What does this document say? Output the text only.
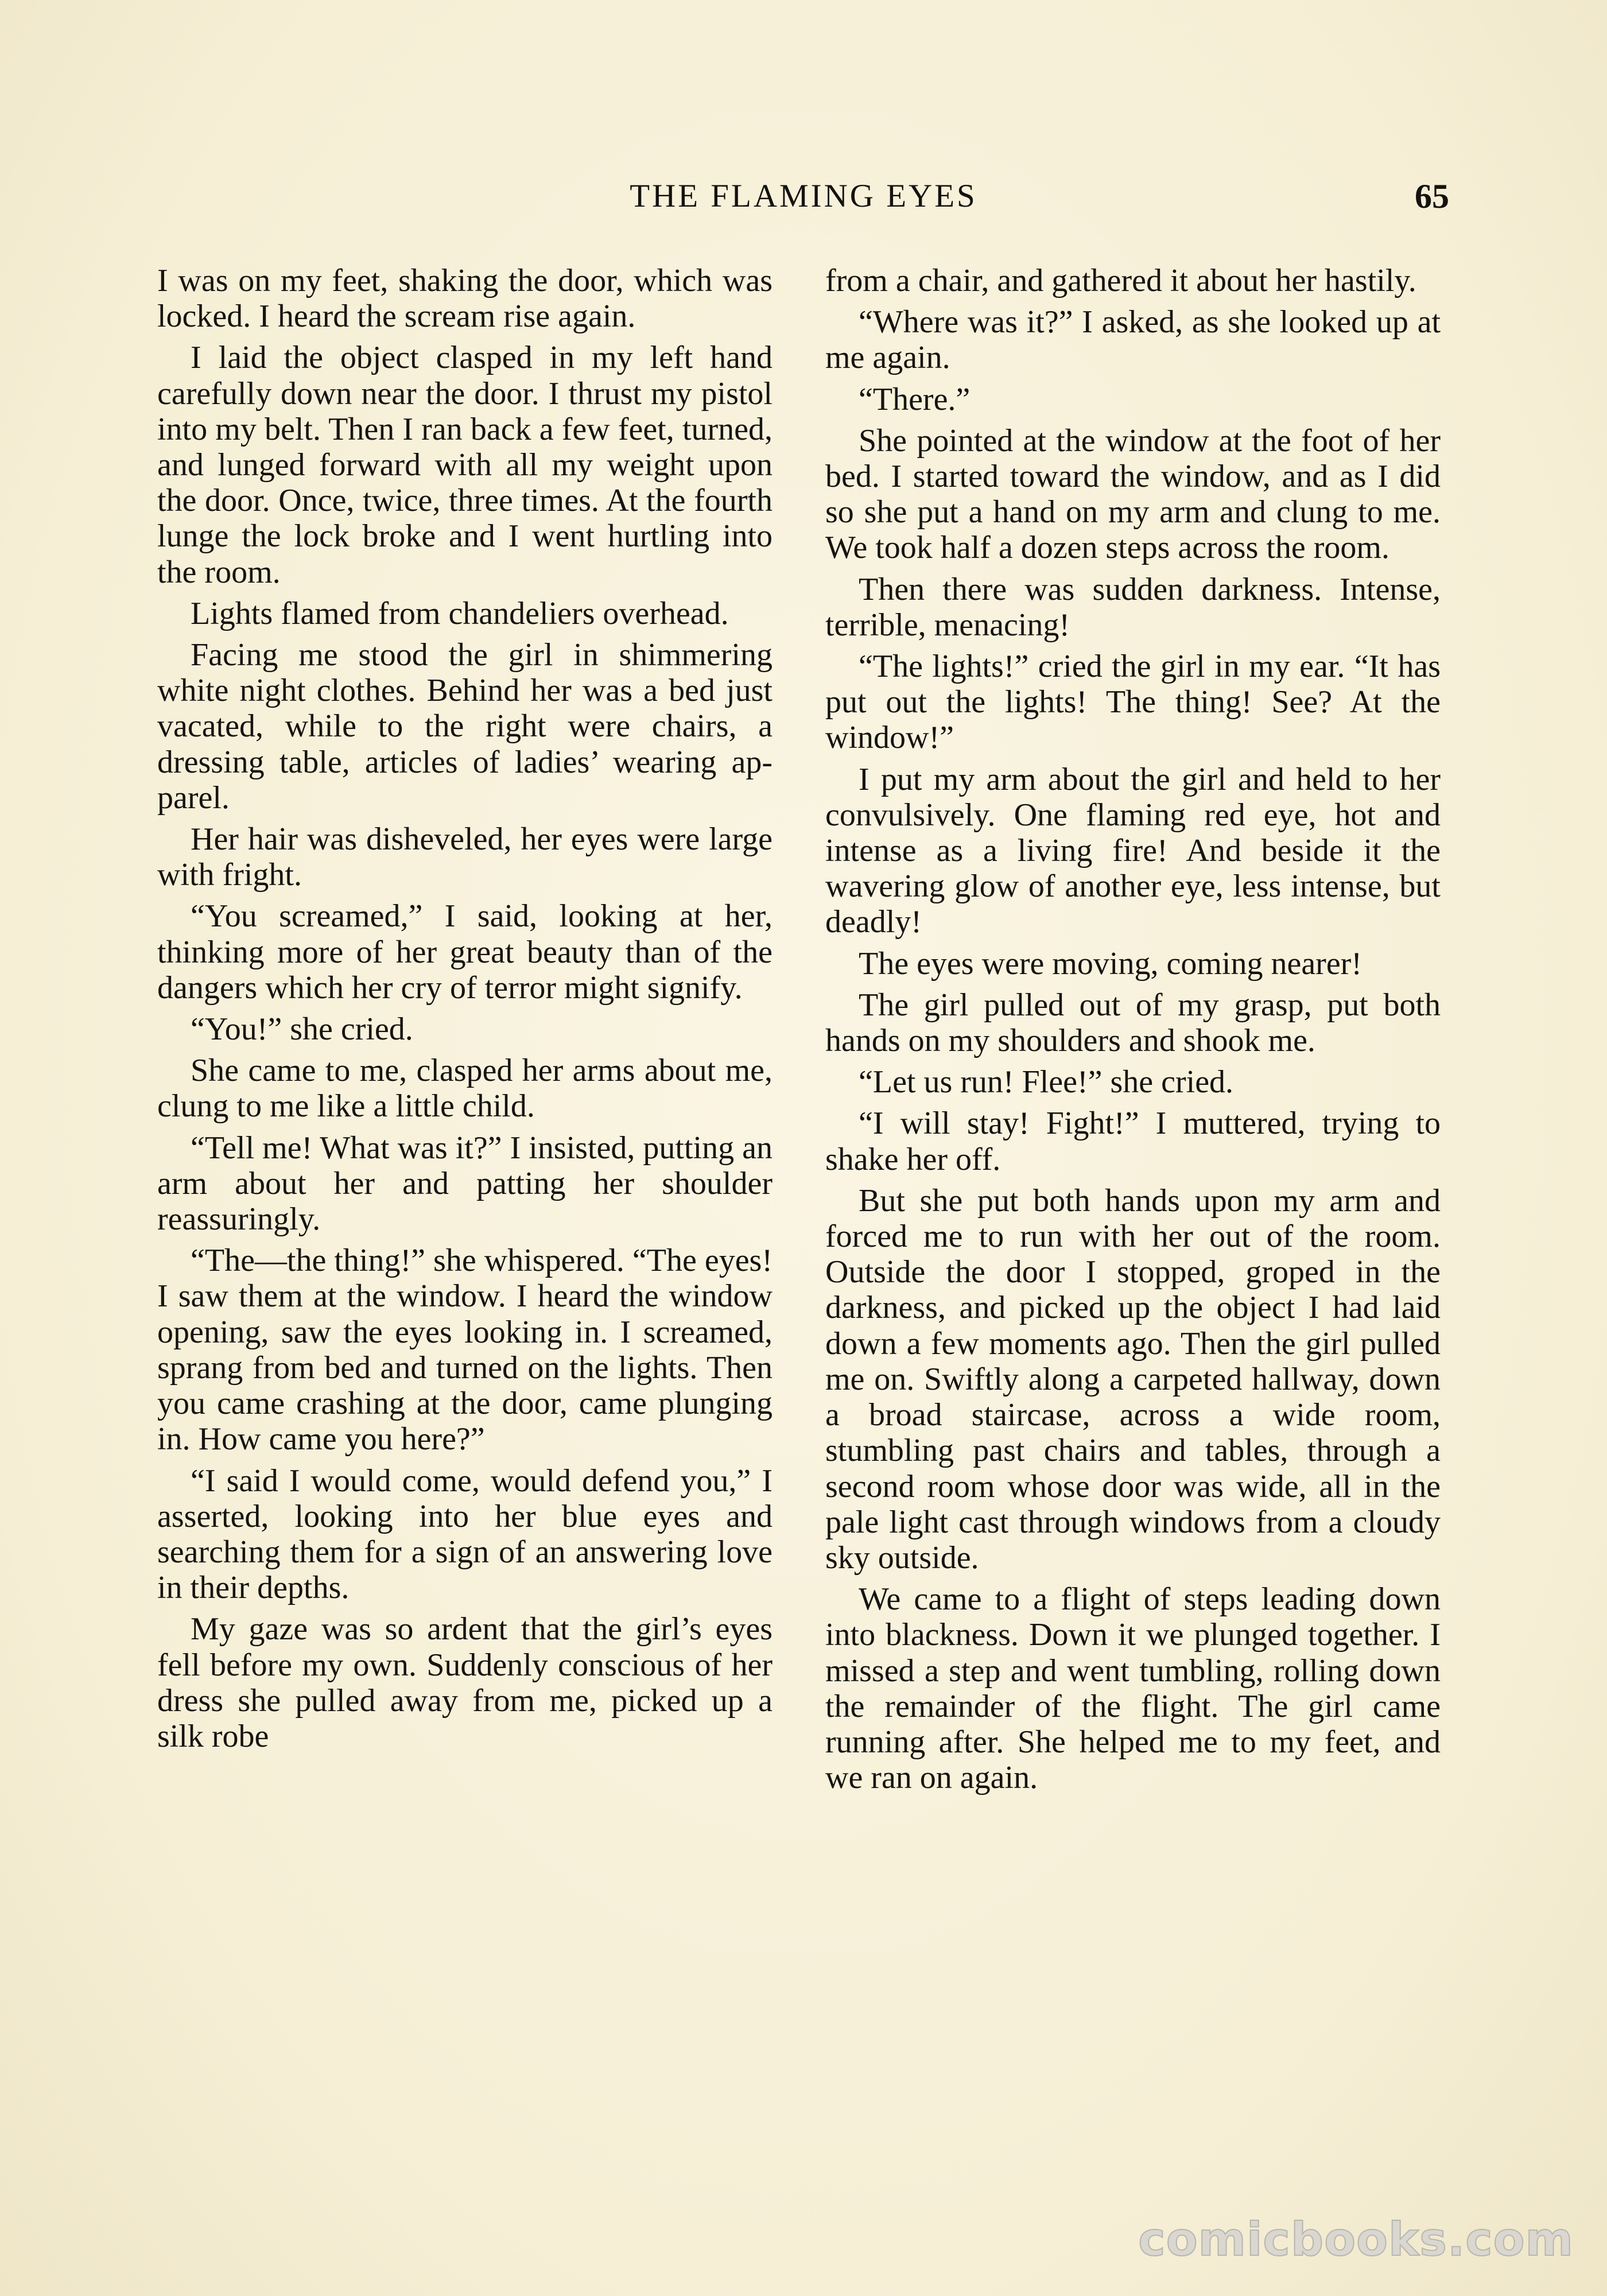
THE FLAMING EYES	65

I was on my feet, shaking the door, which was locked. I heard the scream rise again.

I laid the object clasped in my left hand carefully down near the door. I thrust my pistol into my belt. Then I ran back a few feet, turned, and lunged forward with all my weight upon the door. Once, twice, three times. At the fourth lunge the lock broke and I went hurtling into the room.

Lights flamed from chandeliers overhead.

Facing me stood the girl in shimmering white night clothes. Behind her was a bed just vacated, while to the right were chairs, a dressing table, articles of ladies’ wearing apparel.

Her hair was disheveled, her eyes were large with fright.

“You screamed,” I said, looking at her, thinking more of her great beauty than of the dangers which her cry of terror might signify.

“You!” she cried.

She came to me, clasped her arms about me, clung to me like a little child.

“Tell me! What was it?” I insisted, putting an arm about her and patting her shoulder reassuringly.

“The—the thing!” she whispered. “The eyes! I saw them at the window. I heard the window opening, saw the eyes looking in. I screamed, sprang from bed and turned on the lights. Then you came crashing at the door, came plunging in. How came you here?”

“I said I would come, would defend you,” I asserted, looking into her blue eyes and searching them for a sign of an answering love in their depths.

My gaze was so ardent that the girl’s eyes fell before my own. Suddenly conscious of her dress she pulled away from me, picked up a silk robe

from a chair, and gathered it about her hastily.

“Where was it?” I asked, as she looked up at me again.

“There.”

She pointed at the window at the foot of her bed. I started toward the window, and as I did so she put a hand on my arm and clung to me. We took half a dozen steps across the room.

Then there was sudden darkness. Intense, terrible, menacing!

“The lights!” cried the girl in my ear. “It has put out the lights! The thing! See? At the window!”

I put my arm about the girl and held to her convulsively. One flaming red eye, hot and intense as a living fire! And beside it the wavering glow of another eye, less intense, but deadly!

The eyes were moving, coming nearer!

The girl pulled out of my grasp, put both hands on my shoulders and shook me.

“Let us run! Flee!” she cried.

“I will stay! Fight!” I muttered, trying to shake her off.

But she put both hands upon my arm and forced me to run with her out of the room. Outside the door I stopped, groped in the darkness, and picked up the object I had laid down a few moments ago. Then the girl pulled me on. Swiftly along a carpeted hallway, down a broad staircase, across a wide room, stumbling past chairs and tables, through a second room whose door was wide, all in the pale light cast through windows from a cloudy sky outside.

We came to a flight of steps leading down into blackness. Down it we plunged together. I missed a step and went tumbling, rolling down the remainder of the flight. The girl came running after. She helped me to my feet, and we ran on again.

comicbooks.com
